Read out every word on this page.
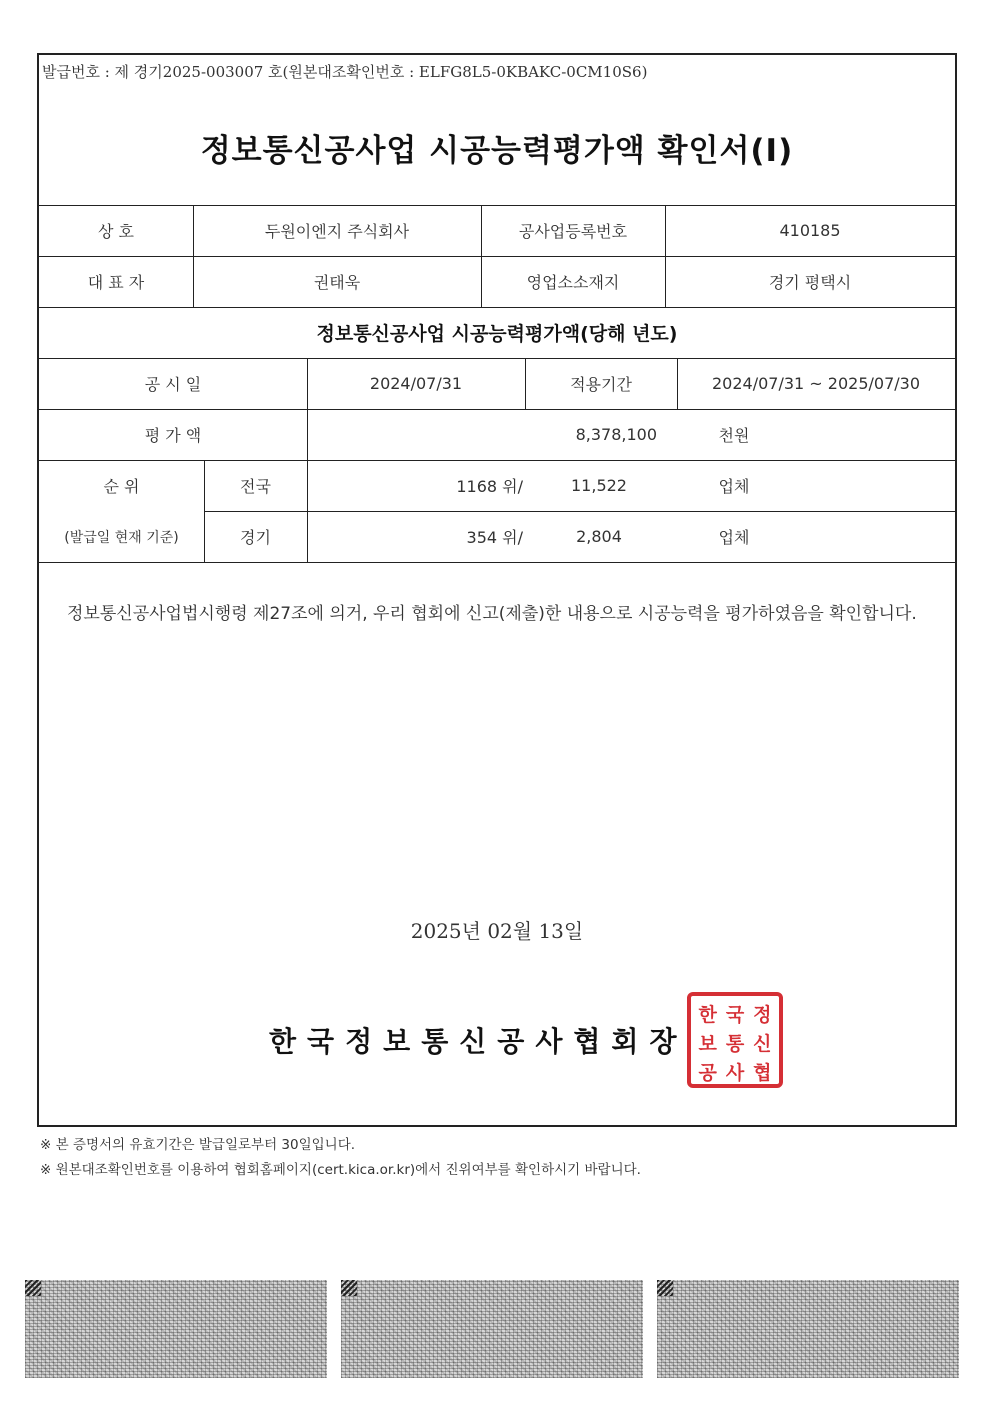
발급번호 : 제 경기2025-003007 호(원본대조확인번호 : ELFG8L5-0KBAKC-0CM10S6)
정보통신공사업 시공능력평가액 확인서(Ⅰ)
상 호	두원이엔지 주식회사	공사업등록번호	410185
대 표 자	권태욱	영업소소재지	경기 평택시
정보통신공사업 시공능력평가액(당해 년도)
공 시 일	2024/07/31	적용기간	2024/07/31 ~ 2025/07/30
평 가 액	8,378,100	천원
순 위
(발급일 현재 기준)
전국	1168 위/	11,522	업체
경기	354 위/	2,804	업체
정보통신공사업법시행령 제27조에 의거, 우리 협회에 신고(제출)한 내용으로 시공능력을 평가하였음을 확인합니다.
2025년 02월 13일
한국정보통신공사협회장
한 국 정
보 통 신
공 사 협
※ 본 증명서의 유효기간은 발급일로부터 30일입니다.
※ 원본대조확인번호를 이용하여 협회홈페이지(cert.kica.or.kr)에서 진위여부를 확인하시기 바랍니다.
